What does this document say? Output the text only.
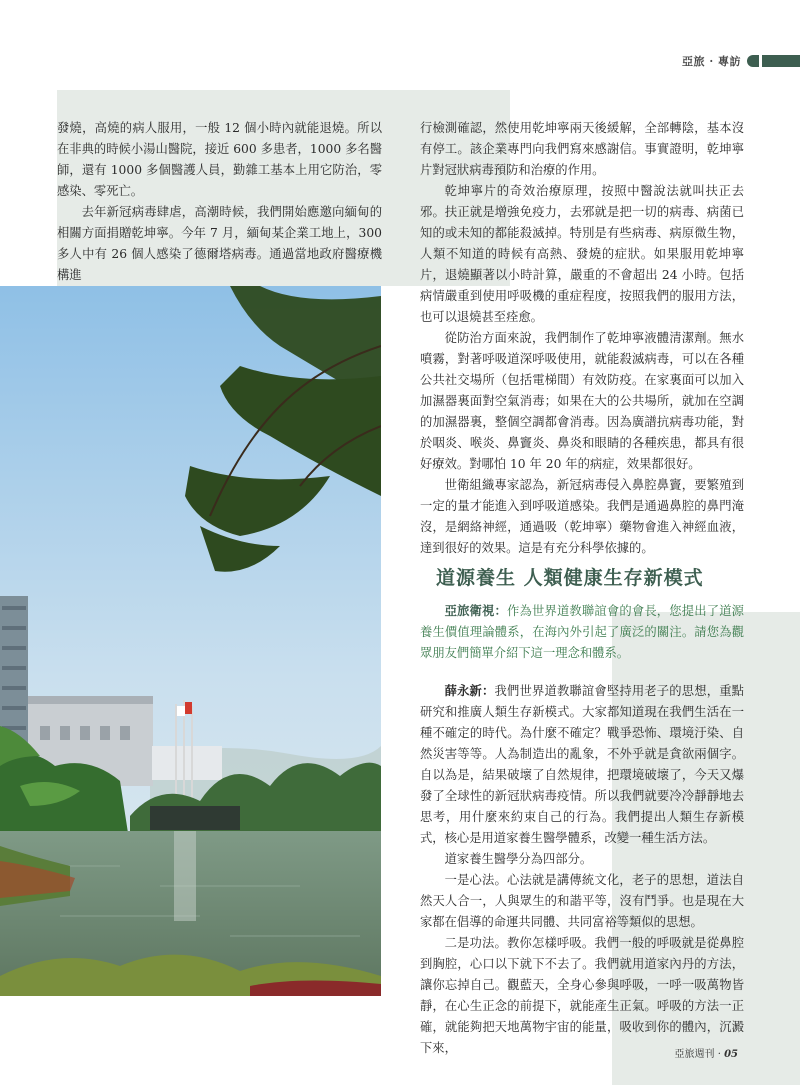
亞旅 · 專訪

發燒，高燒的病人服用，一般 12 個小時內就能退燒。所以在非典的時候小湯山醫院，接近 600 多患者，1000 多名醫師，還有 1000 多個醫護人員，勤雜工基本上用它防治，零感染、零死亡。

去年新冠病毒肆虐，高潮時候，我們開始應邀向緬甸的相關方面捐贈乾坤寧。今年 7 月，緬甸某企業工地上，300 多人中有 26 個人感染了德爾塔病毒。通過當地政府醫療機構進

行檢測確認，然使用乾坤寧兩天後緩解，全部轉陰，基本沒有停工。該企業專門向我們寫來感謝信。事實證明，乾坤寧片對冠狀病毒預防和治療的作用。

乾坤寧片的奇效治療原理，按照中醫說法就叫扶正去邪。扶正就是增強免疫力，去邪就是把一切的病毒、病菌已知的或未知的都能殺滅掉。特別是有些病毒、病原微生物，人類不知道的時候有高熱、發燒的症狀。如果服用乾坤寧片，退燒顯著以小時計算，嚴重的不會超出 24 小時。包括病情嚴重到使用呼吸機的重症程度，按照我們的服用方法，也可以退燒甚至痊愈。

從防治方面來說，我們制作了乾坤寧液體清潔劑。無水噴霧，對著呼吸道深呼吸使用，就能殺滅病毒，可以在各種公共社交場所（包括電梯間）有效防疫。在家裏面可以加入加濕器裏面對空氣消毒；如果在大的公共場所，就加在空調的加濕器裏，整個空調都會消毒。因為廣譜抗病毒功能，對於咽炎、喉炎、鼻竇炎、鼻炎和眼睛的各種疾患，都具有很好療效。對哪怕 10 年 20 年的病症，效果都很好。

世衛組織專家認為，新冠病毒侵入鼻腔鼻竇，要繁殖到一定的量才能進入到呼吸道感染。我們是通過鼻腔的鼻門淹沒，是網絡神經，通過吸（乾坤寧）藥物會進入神經血液，達到很好的效果。這是有充分科學依據的。

道源養生 人類健康生存新模式
亞旅衛視：作為世界道教聯誼會的會長，您提出了道源養生價值理論體系，在海內外引起了廣泛的關注。請您為觀眾朋友們簡單介紹下這一理念和體系。

薛永新：我們世界道教聯誼會堅持用老子的思想，重點研究和推廣人類生存新模式。大家都知道現在我們生活在一種不確定的時代。為什麼不確定？戰爭恐怖、環境汙染、自然災害等等。人為制造出的亂象，不外乎就是貪欲兩個字。自以為是，結果破壞了自然規律，把環境破壞了，今天又爆發了全球性的新冠狀病毒疫情。所以我們就要冷冷靜靜地去思考，用什麼來約束自己的行為。我們提出人類生存新模式，核心是用道家養生醫學體系，改變一種生活方法。

道家養生醫學分為四部分。

一是心法。心法就是講傳統文化，老子的思想，道法自然天人合一，人與眾生的和諧平等，沒有鬥爭。也是現在大家都在倡導的命運共同體、共同富裕等類似的思想。

二是功法。教你怎樣呼吸。我們一般的呼吸就是從鼻腔到胸腔，心口以下就下不去了。我們就用道家內丹的方法，讓你忘掉自己。觀藍天，全身心參與呼吸，一呼一吸萬物皆靜，在心生正念的前提下，就能產生正氣。呼吸的方法一正確，就能夠把天地萬物宇宙的能量，吸收到你的體內，沉澱下來，	亞旅週刊 · 05
